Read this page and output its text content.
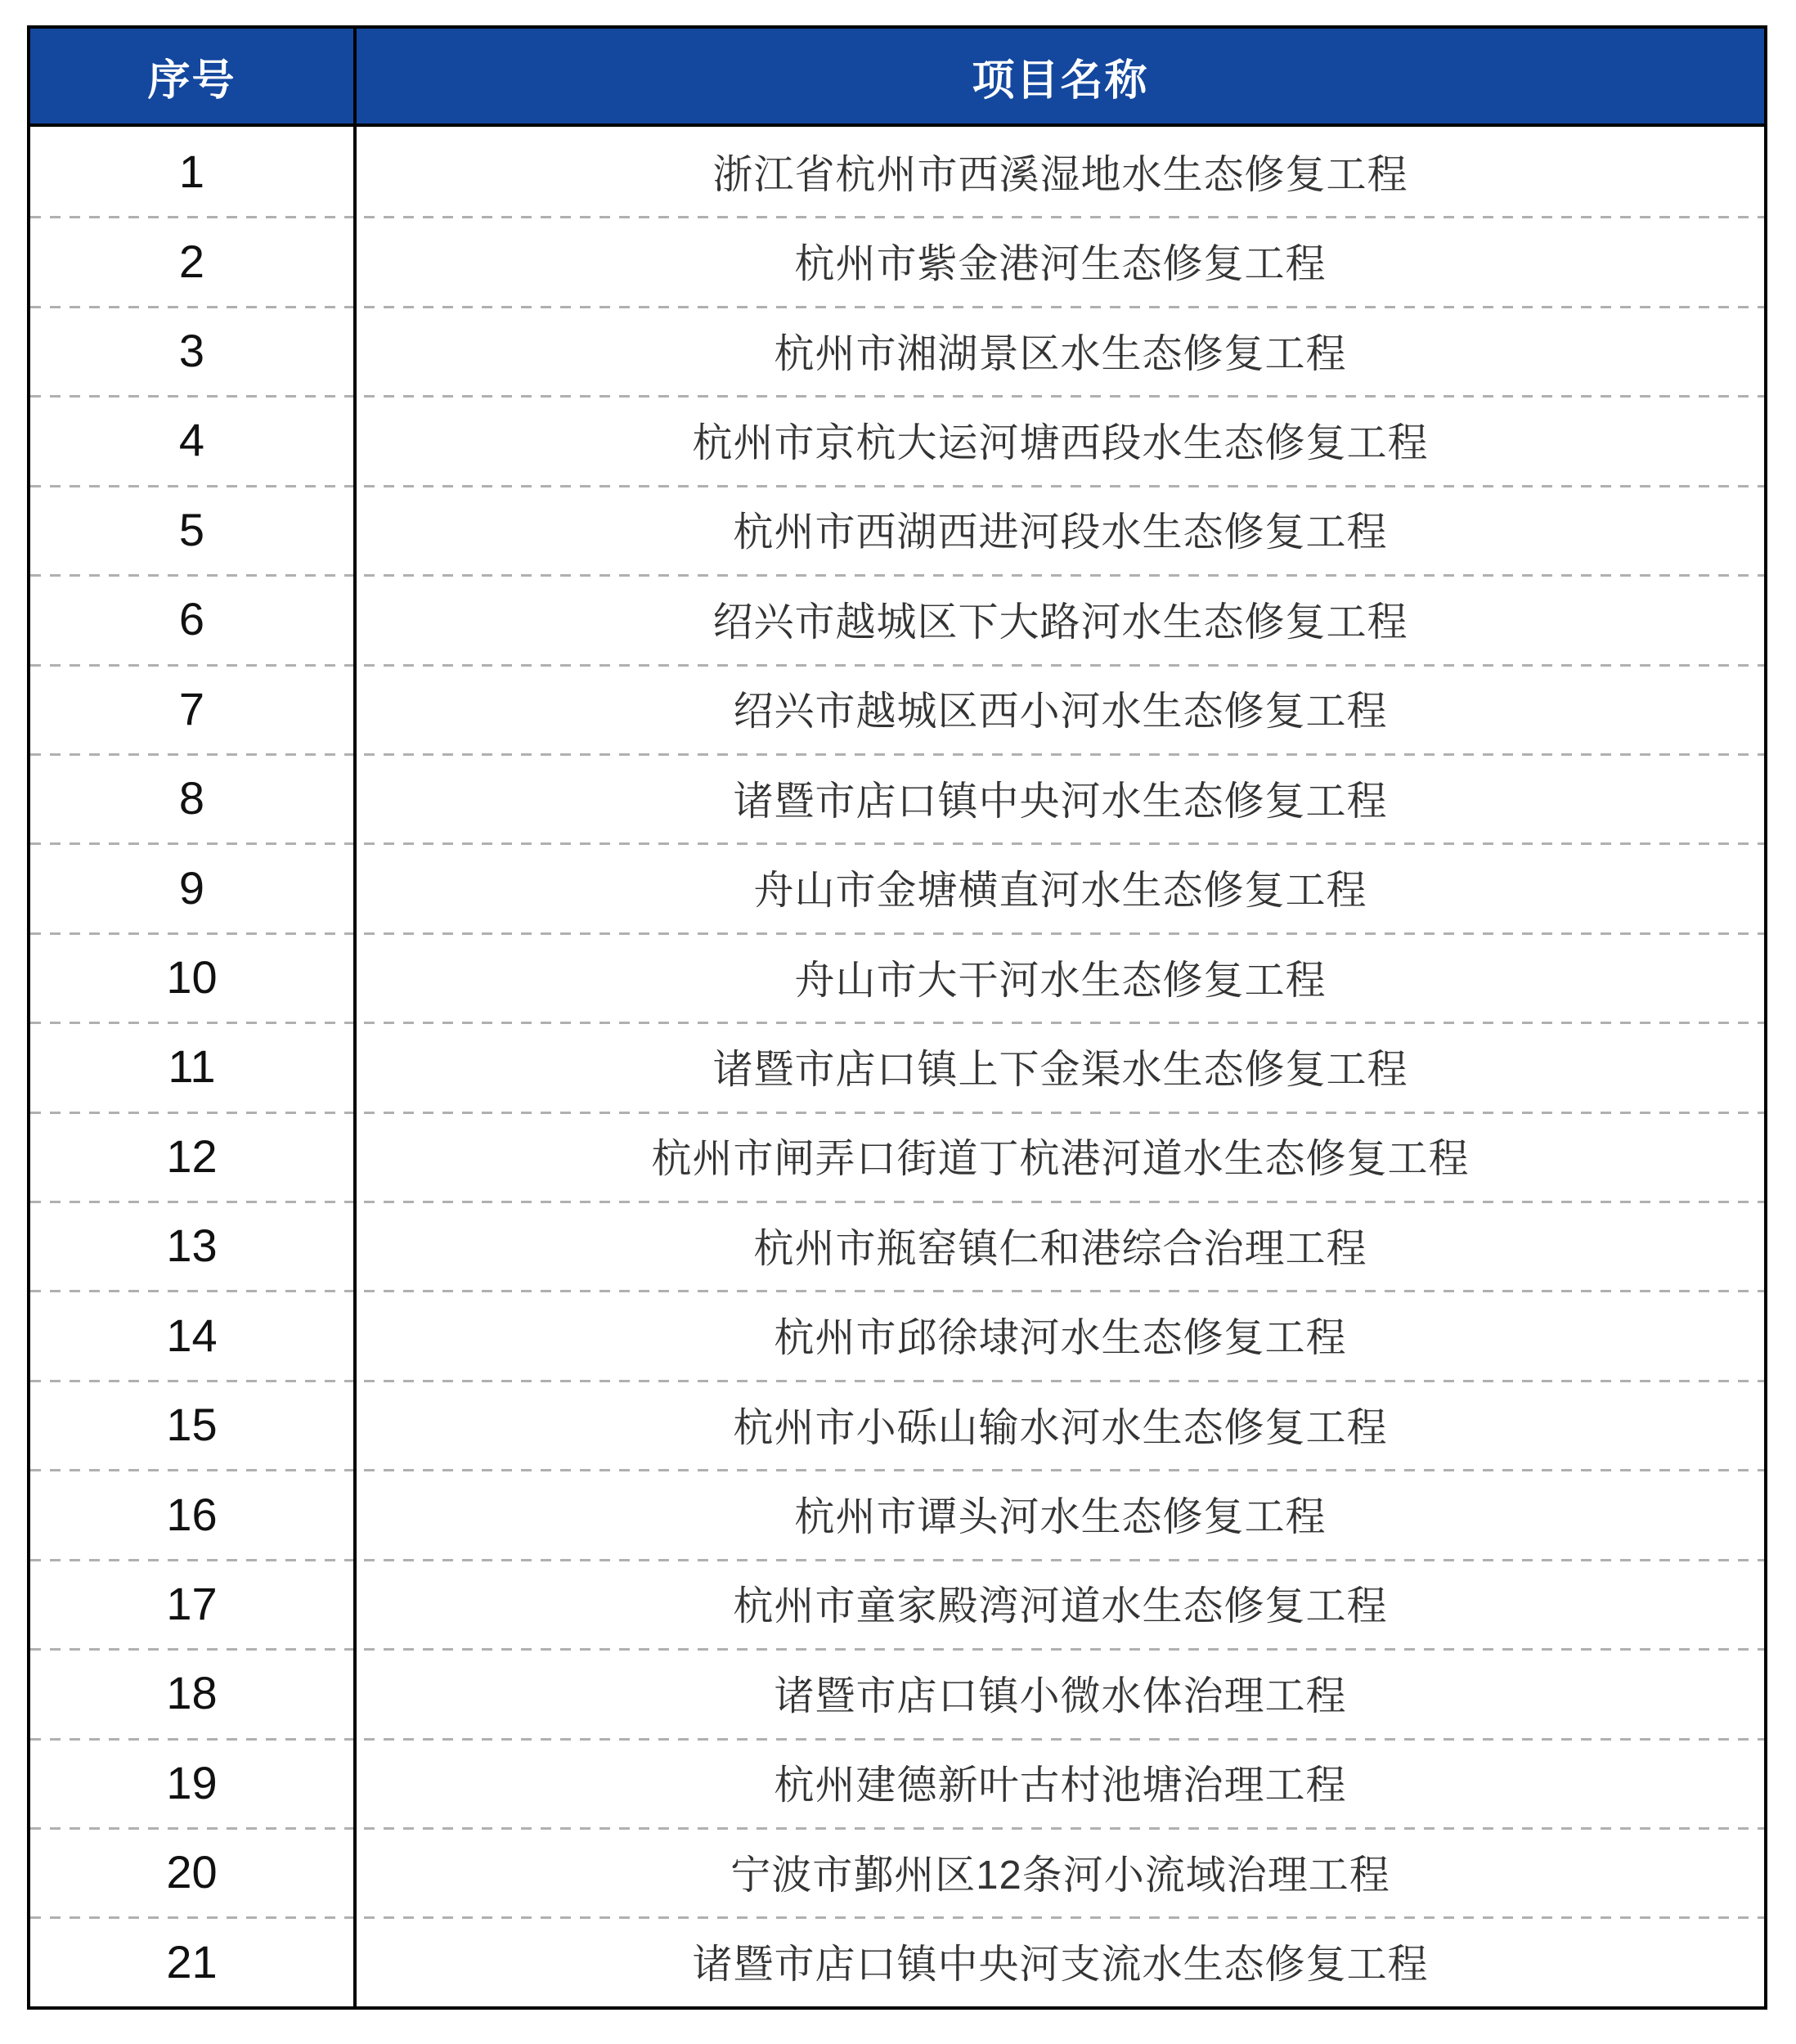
序号	项目名称
1	浙江省杭州市西溪湿地水生态修复工程
2	杭州市紫金港河生态修复工程
3	杭州市湘湖景区水生态修复工程
4	杭州市京杭大运河塘西段水生态修复工程
5	杭州市西湖西进河段水生态修复工程
6	绍兴市越城区下大路河水生态修复工程
7	绍兴市越城区西小河水生态修复工程
8	诸暨市店口镇中央河水生态修复工程
9	舟山市金塘横直河水生态修复工程
10	舟山市大干河水生态修复工程
11	诸暨市店口镇上下金渠水生态修复工程
12	杭州市闸弄口街道丁杭港河道水生态修复工程
13	杭州市瓶窑镇仁和港综合治理工程
14	杭州市邱徐埭河水生态修复工程
15	杭州市小砾山输水河水生态修复工程
16	杭州市谭头河水生态修复工程
17	杭州市童家殿湾河道水生态修复工程
18	诸暨市店口镇小微水体治理工程
19	杭州建德新叶古村池塘治理工程
20	宁波市鄞州区12条河小流域治理工程
21	诸暨市店口镇中央河支流水生态修复工程
